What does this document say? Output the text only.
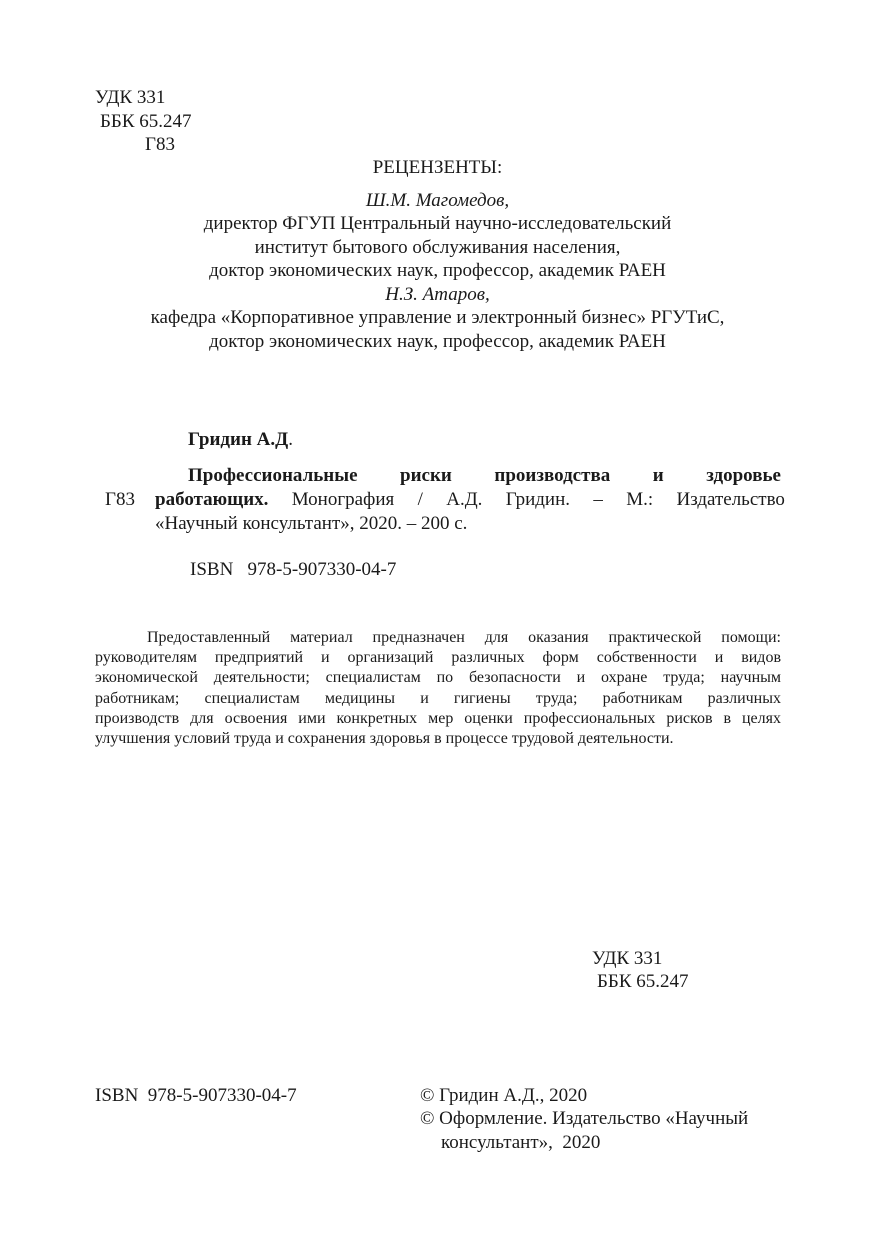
УДК 331
ББК 65.247
Г83
РЕЦЕНЗЕНТЫ:
Ш.М. Магомедов,
директор ФГУП Центральный научно-исследовательский
институт бытового обслуживания населения,
доктор экономических наук, профессор, академик РАЕН
Н.З. Атаров,
кафедра «Корпоративное управление и электронный бизнес» РГУТиС,
доктор экономических наук, профессор, академик РАЕН
Гридин А.Д.
Профессиональные риски производства и здоровье
Г83 работающих. Монография / А.Д. Гридин. – М.: Издательство
«Научный консультант», 2020. – 200 с.
ISBN   978-5-907330-04-7
Предоставленный материал предназначен для оказания практической помощи:
руководителям предприятий и организаций различных форм собственности и видов
экономической деятельности; специалистам по безопасности и охране труда; научным
работникам; специалистам медицины и гигиены труда; работникам различных
производств для освоения ими конкретных мер оценки профессиональных рисков в целях
улучшения условий труда и сохранения здоровья в процессе трудовой деятельности.
УДК 331
ББК 65.247
ISBN  978-5-907330-04-7	© Гридин А.Д., 2020
© Оформление. Издательство «Научный
консультант»,  2020
